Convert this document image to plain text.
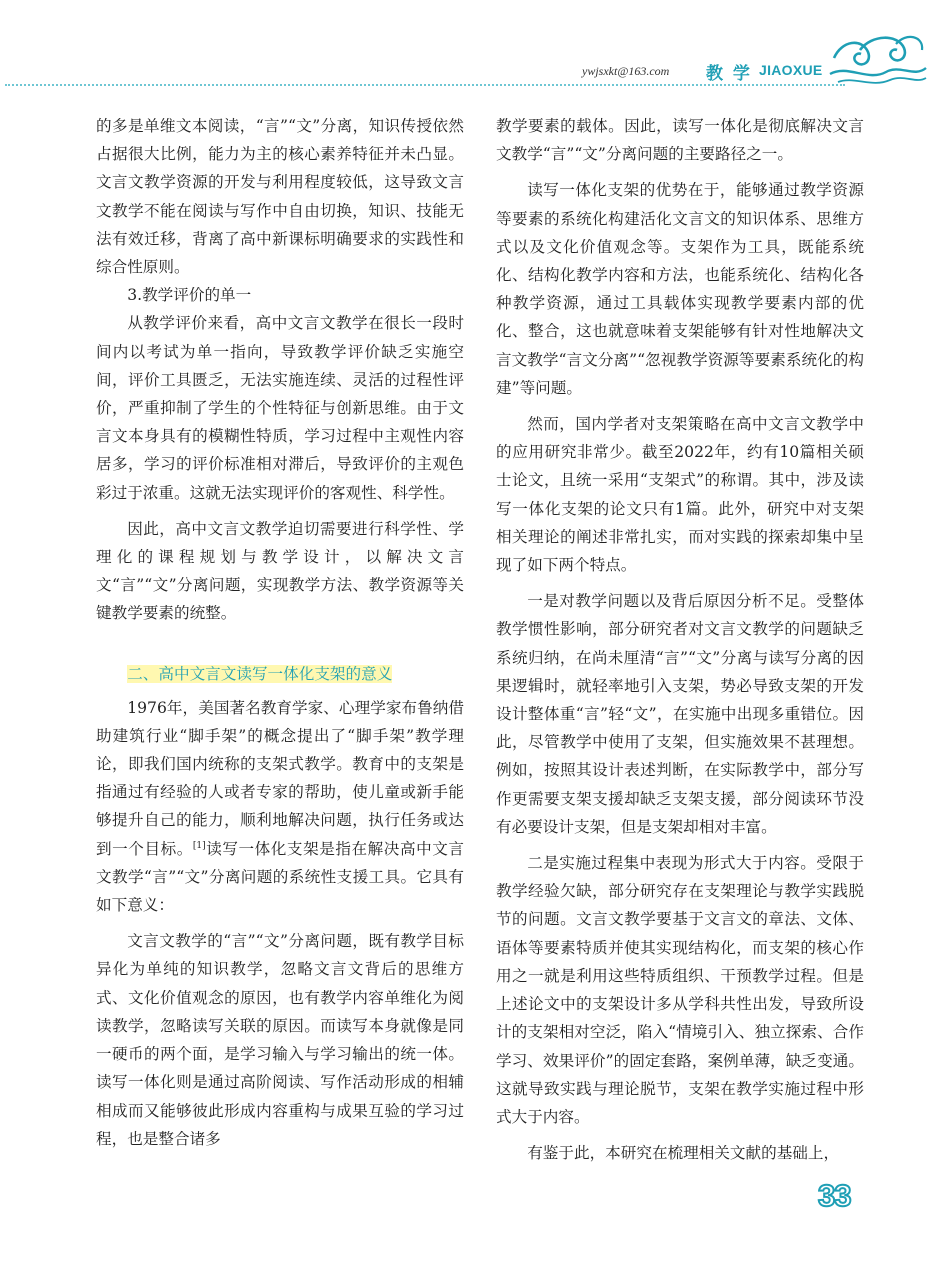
ywjsxkt@163.com 教 学 JIAOXUE

的多是单维文本阅读，“言”“文”分离，知识传授依然占据很大比例，能力为主的核心素养特征并未凸显。文言文教学资源的开发与利用程度较低，这导致文言文教学不能在阅读与写作中自由切换，知识、技能无法有效迁移，背离了高中新课标明确要求的实践性和综合性原则。

3.教学评价的单一

从教学评价来看，高中文言文教学在很长一段时间内以考试为单一指向，导致教学评价缺乏实施空间，评价工具匮乏，无法实施连续、灵活的过程性评价，严重抑制了学生的个性特征与创新思维。由于文言文本身具有的模糊性特质，学习过程中主观性内容居多，学习的评价标准相对滞后，导致评价的主观色彩过于浓重。这就无法实现评价的客观性、科学性。

因此，高中文言文教学迫切需要进行科学性、学理化的课程规划与教学设计，以解决文言文“言”“文”分离问题，实现教学方法、教学资源等关键教学要素的统整。

二、高中文言文读写一体化支架的意义

1976年，美国著名教育学家、心理学家布鲁纳借助建筑行业“脚手架”的概念提出了“脚手架”教学理论，即我们国内统称的支架式教学。教育中的支架是指通过有经验的人或者专家的帮助，使儿童或新手能够提升自己的能力，顺利地解决问题，执行任务或达到一个目标。[1]读写一体化支架是指在解决高中文言文教学“言”“文”分离问题的系统性支援工具。它具有如下意义：

文言文教学的“言”“文”分离问题，既有教学目标异化为单纯的知识教学，忽略文言文背后的思维方式、文化价值观念的原因，也有教学内容单维化为阅读教学，忽略读写关联的原因。而读写本身就像是同一硬币的两个面，是学习输入与学习输出的统一体。读写一体化则是通过高阶阅读、写作活动形成的相辅相成而又能够彼此形成内容重构与成果互验的学习过程，也是整合诸多

教学要素的载体。因此，读写一体化是彻底解决文言文教学“言”“文”分离问题的主要路径之一。

读写一体化支架的优势在于，能够通过教学资源等要素的系统化构建活化文言文的知识体系、思维方式以及文化价值观念等。支架作为工具，既能系统化、结构化教学内容和方法，也能系统化、结构化各种教学资源，通过工具载体实现教学要素内部的优化、整合，这也就意味着支架能够有针对性地解决文言文教学“言文分离”“忽视教学资源等要素系统化的构建”等问题。

然而，国内学者对支架策略在高中文言文教学中的应用研究非常少。截至2022年，约有10篇相关硕士论文，且统一采用“支架式”的称谓。其中，涉及读写一体化支架的论文只有1篇。此外，研究中对支架相关理论的阐述非常扎实，而对实践的探索却集中呈现了如下两个特点。

一是对教学问题以及背后原因分析不足。受整体教学惯性影响，部分研究者对文言文教学的问题缺乏系统归纳，在尚未厘清“言”“文”分离与读写分离的因果逻辑时，就轻率地引入支架，势必导致支架的开发设计整体重“言”轻“文”，在实施中出现多重错位。因此，尽管教学中使用了支架，但实施效果不甚理想。例如，按照其设计表述判断，在实际教学中，部分写作更需要支架支援却缺乏支架支援，部分阅读环节没有必要设计支架，但是支架却相对丰富。

二是实施过程集中表现为形式大于内容。受限于教学经验欠缺，部分研究存在支架理论与教学实践脱节的问题。文言文教学要基于文言文的章法、文体、语体等要素特质并使其实现结构化，而支架的核心作用之一就是利用这些特质组织、干预教学过程。但是上述论文中的支架设计多从学科共性出发，导致所设计的支架相对空泛，陷入“情境引入、独立探索、合作学习、效果评价”的固定套路，案例单薄，缺乏变通。这就导致实践与理论脱节，支架在教学实施过程中形式大于内容。

有鉴于此，本研究在梳理相关文献的基础上，

33
